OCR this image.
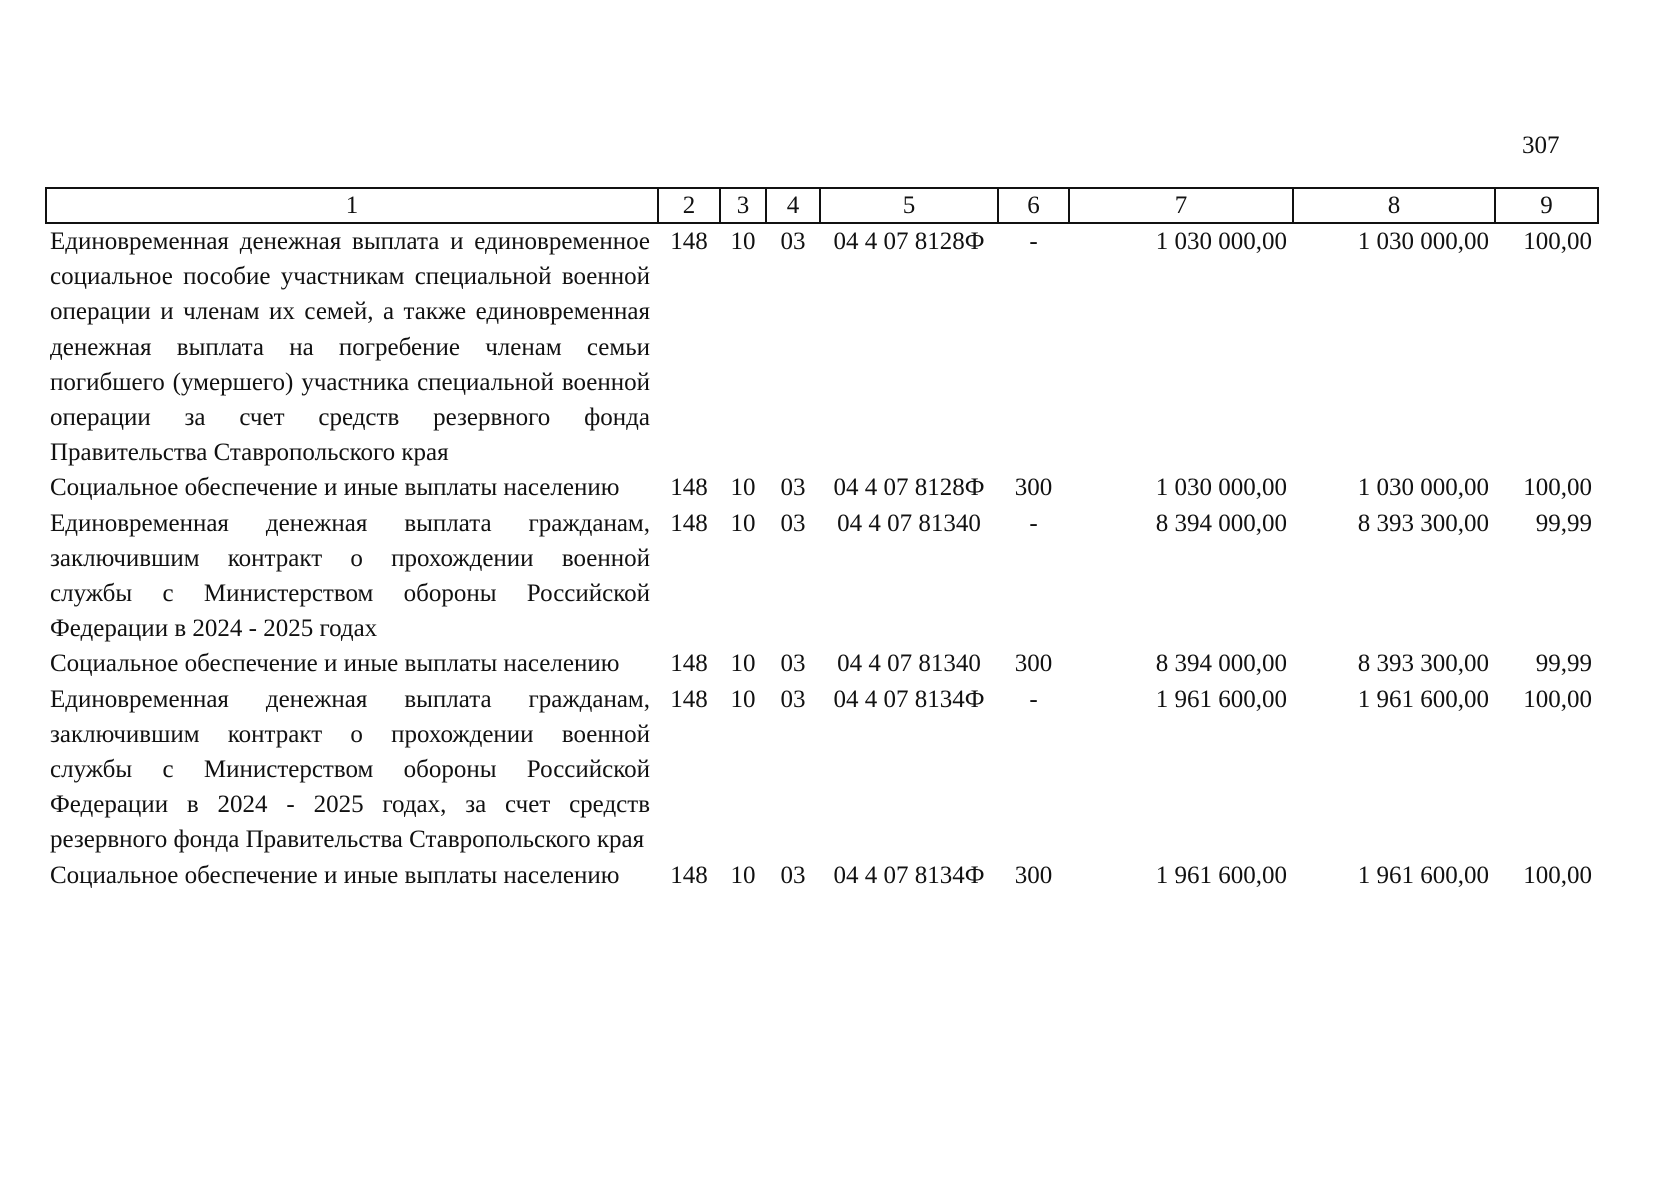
307
1	2	3	4	5	6	7	8	9
Единовременная денежная выплата и единовременное социальное пособие участникам специальной военной операции и членам их семей, а также единовременная денежная выплата на погребение членам семьи погибшего (умершего) участника специальной военной операции за счет средств резервного фонда Правительства Ставропольского края	148	10	03	04 4 07 8128Ф	-	1 030 000,00	1 030 000,00	100,00
Социальное обеспечение и иные выплаты населению	148	10	03	04 4 07 8128Ф	300	1 030 000,00	1 030 000,00	100,00
Единовременная денежная выплата гражданам, заключившим контракт о прохождении военной службы с Министерством обороны Российской Федерации в 2024 - 2025 годах	148	10	03	04 4 07 81340	-	8 394 000,00	8 393 300,00	99,99
Социальное обеспечение и иные выплаты населению	148	10	03	04 4 07 81340	300	8 394 000,00	8 393 300,00	99,99
Единовременная денежная выплата гражданам, заключившим контракт о прохождении военной службы с Министерством обороны Российской Федерации в 2024 - 2025 годах, за счет средств резервного фонда Правительства Ставропольского края	148	10	03	04 4 07 8134Ф	-	1 961 600,00	1 961 600,00	100,00
Социальное обеспечение и иные выплаты населению	148	10	03	04 4 07 8134Ф	300	1 961 600,00	1 961 600,00	100,00
